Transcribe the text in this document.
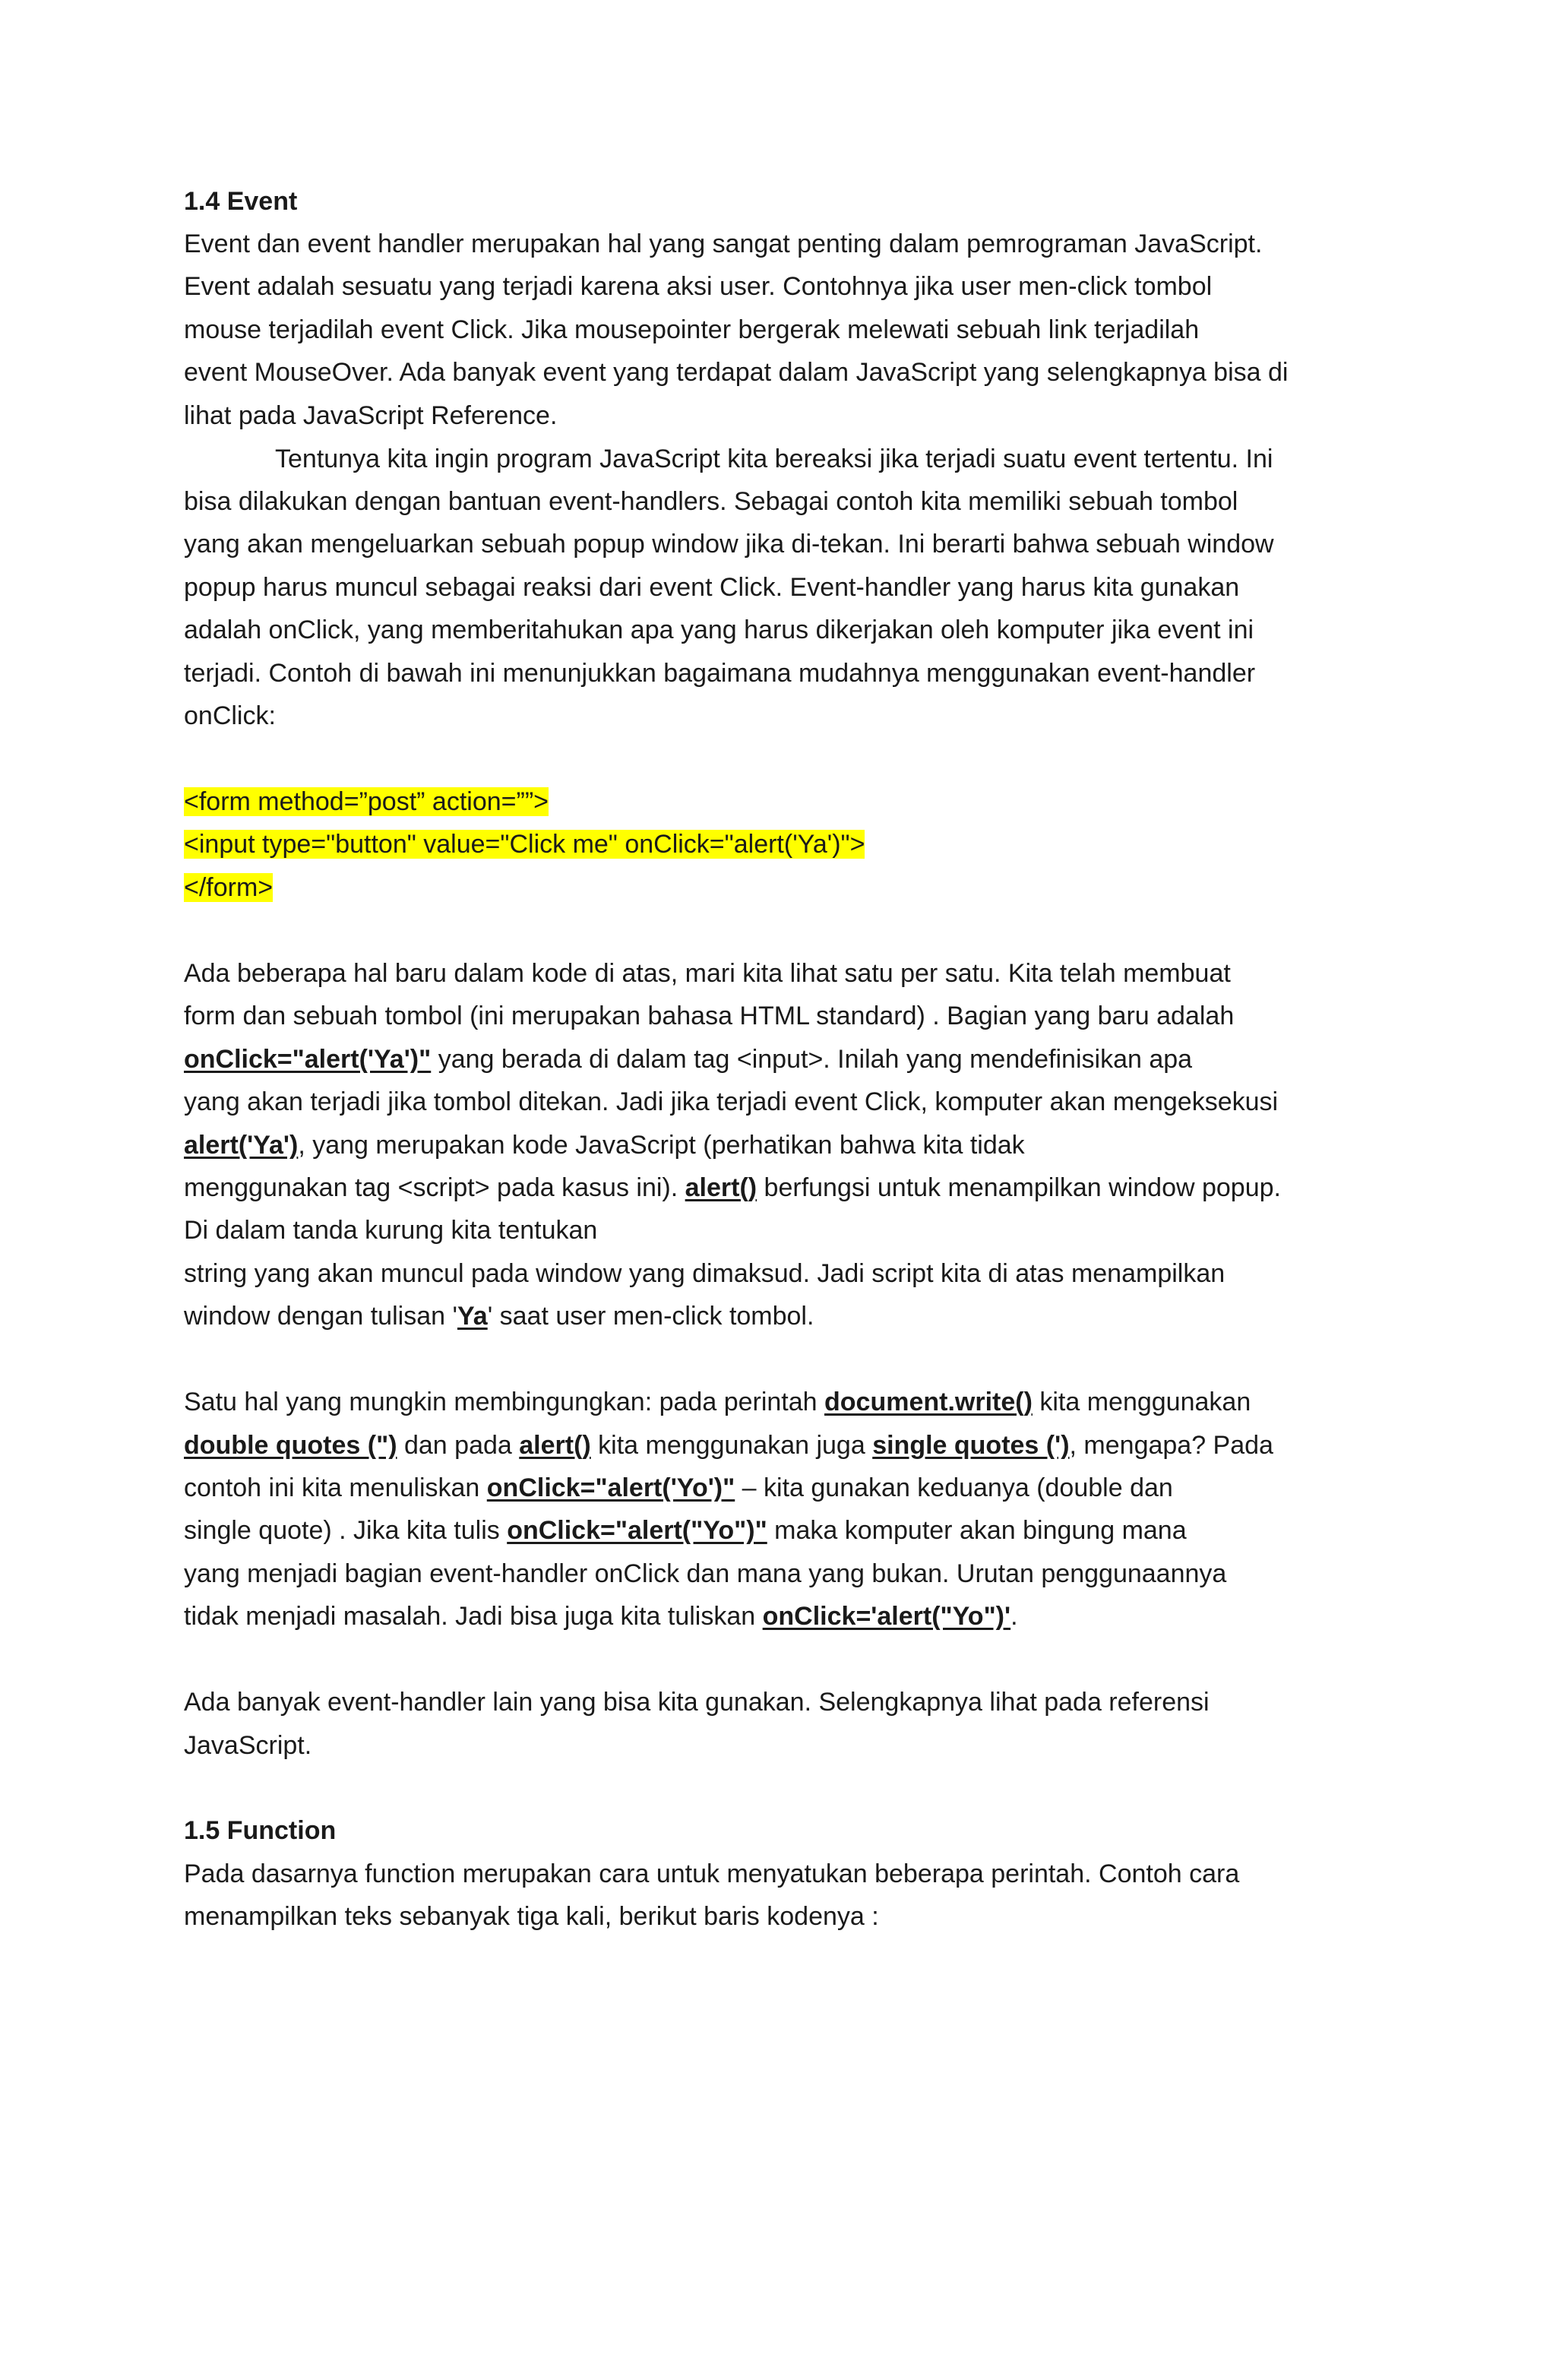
1.4 Event
Event dan event handler merupakan hal yang sangat penting dalam pemrograman JavaScript.
Event adalah sesuatu yang terjadi karena aksi user. Contohnya jika user men-click tombol
mouse terjadilah event Click. Jika mousepointer bergerak melewati sebuah link terjadilah
event MouseOver. Ada banyak event yang terdapat dalam JavaScript yang selengkapnya bisa di
lihat pada JavaScript Reference.
Tentunya kita ingin program JavaScript kita bereaksi jika terjadi suatu event tertentu. Ini
bisa dilakukan dengan bantuan event-handlers. Sebagai contoh kita memiliki sebuah tombol
yang akan mengeluarkan sebuah popup window jika di-tekan. Ini berarti bahwa sebuah window
popup harus muncul sebagai reaksi dari event Click. Event-handler yang harus kita gunakan
adalah onClick, yang memberitahukan apa yang harus dikerjakan oleh komputer jika event ini
terjadi. Contoh di bawah ini menunjukkan bagaimana mudahnya menggunakan event-handler
onClick:
<form method=”post” action=””>
<input type="button" value="Click me" onClick="alert('Ya')">
</form>
Ada beberapa hal baru dalam kode di atas, mari kita lihat satu per satu. Kita telah membuat
form dan sebuah tombol (ini merupakan bahasa HTML standard) . Bagian yang baru adalah
onClick="alert('Ya')" yang berada di dalam tag <input>. Inilah yang mendefinisikan apa
yang akan terjadi jika tombol ditekan. Jadi jika terjadi event Click, komputer akan mengeksekusi
alert('Ya'), yang merupakan kode JavaScript (perhatikan bahwa kita tidak
menggunakan tag <script> pada kasus ini). alert() berfungsi untuk menampilkan window popup.
Di dalam tanda kurung kita tentukan
string yang akan muncul pada window yang dimaksud. Jadi script kita di atas menampilkan
window dengan tulisan 'Ya' saat user men-click tombol.
Satu hal yang mungkin membingungkan: pada perintah document.write() kita menggunakan
double quotes (") dan pada alert() kita menggunakan juga single quotes ('), mengapa? Pada
contoh ini kita menuliskan onClick="alert('Yo')" – kita gunakan keduanya (double dan
single quote) . Jika kita tulis onClick="alert("Yo")" maka komputer akan bingung mana
yang menjadi bagian event-handler onClick dan mana yang bukan. Urutan penggunaannya
tidak menjadi masalah. Jadi bisa juga kita tuliskan onClick='alert("Yo")'.
Ada banyak event-handler lain yang bisa kita gunakan. Selengkapnya lihat pada referensi
JavaScript.
1.5 Function
Pada dasarnya function merupakan cara untuk menyatukan beberapa perintah. Contoh cara
menampilkan teks sebanyak tiga kali, berikut baris kodenya :
